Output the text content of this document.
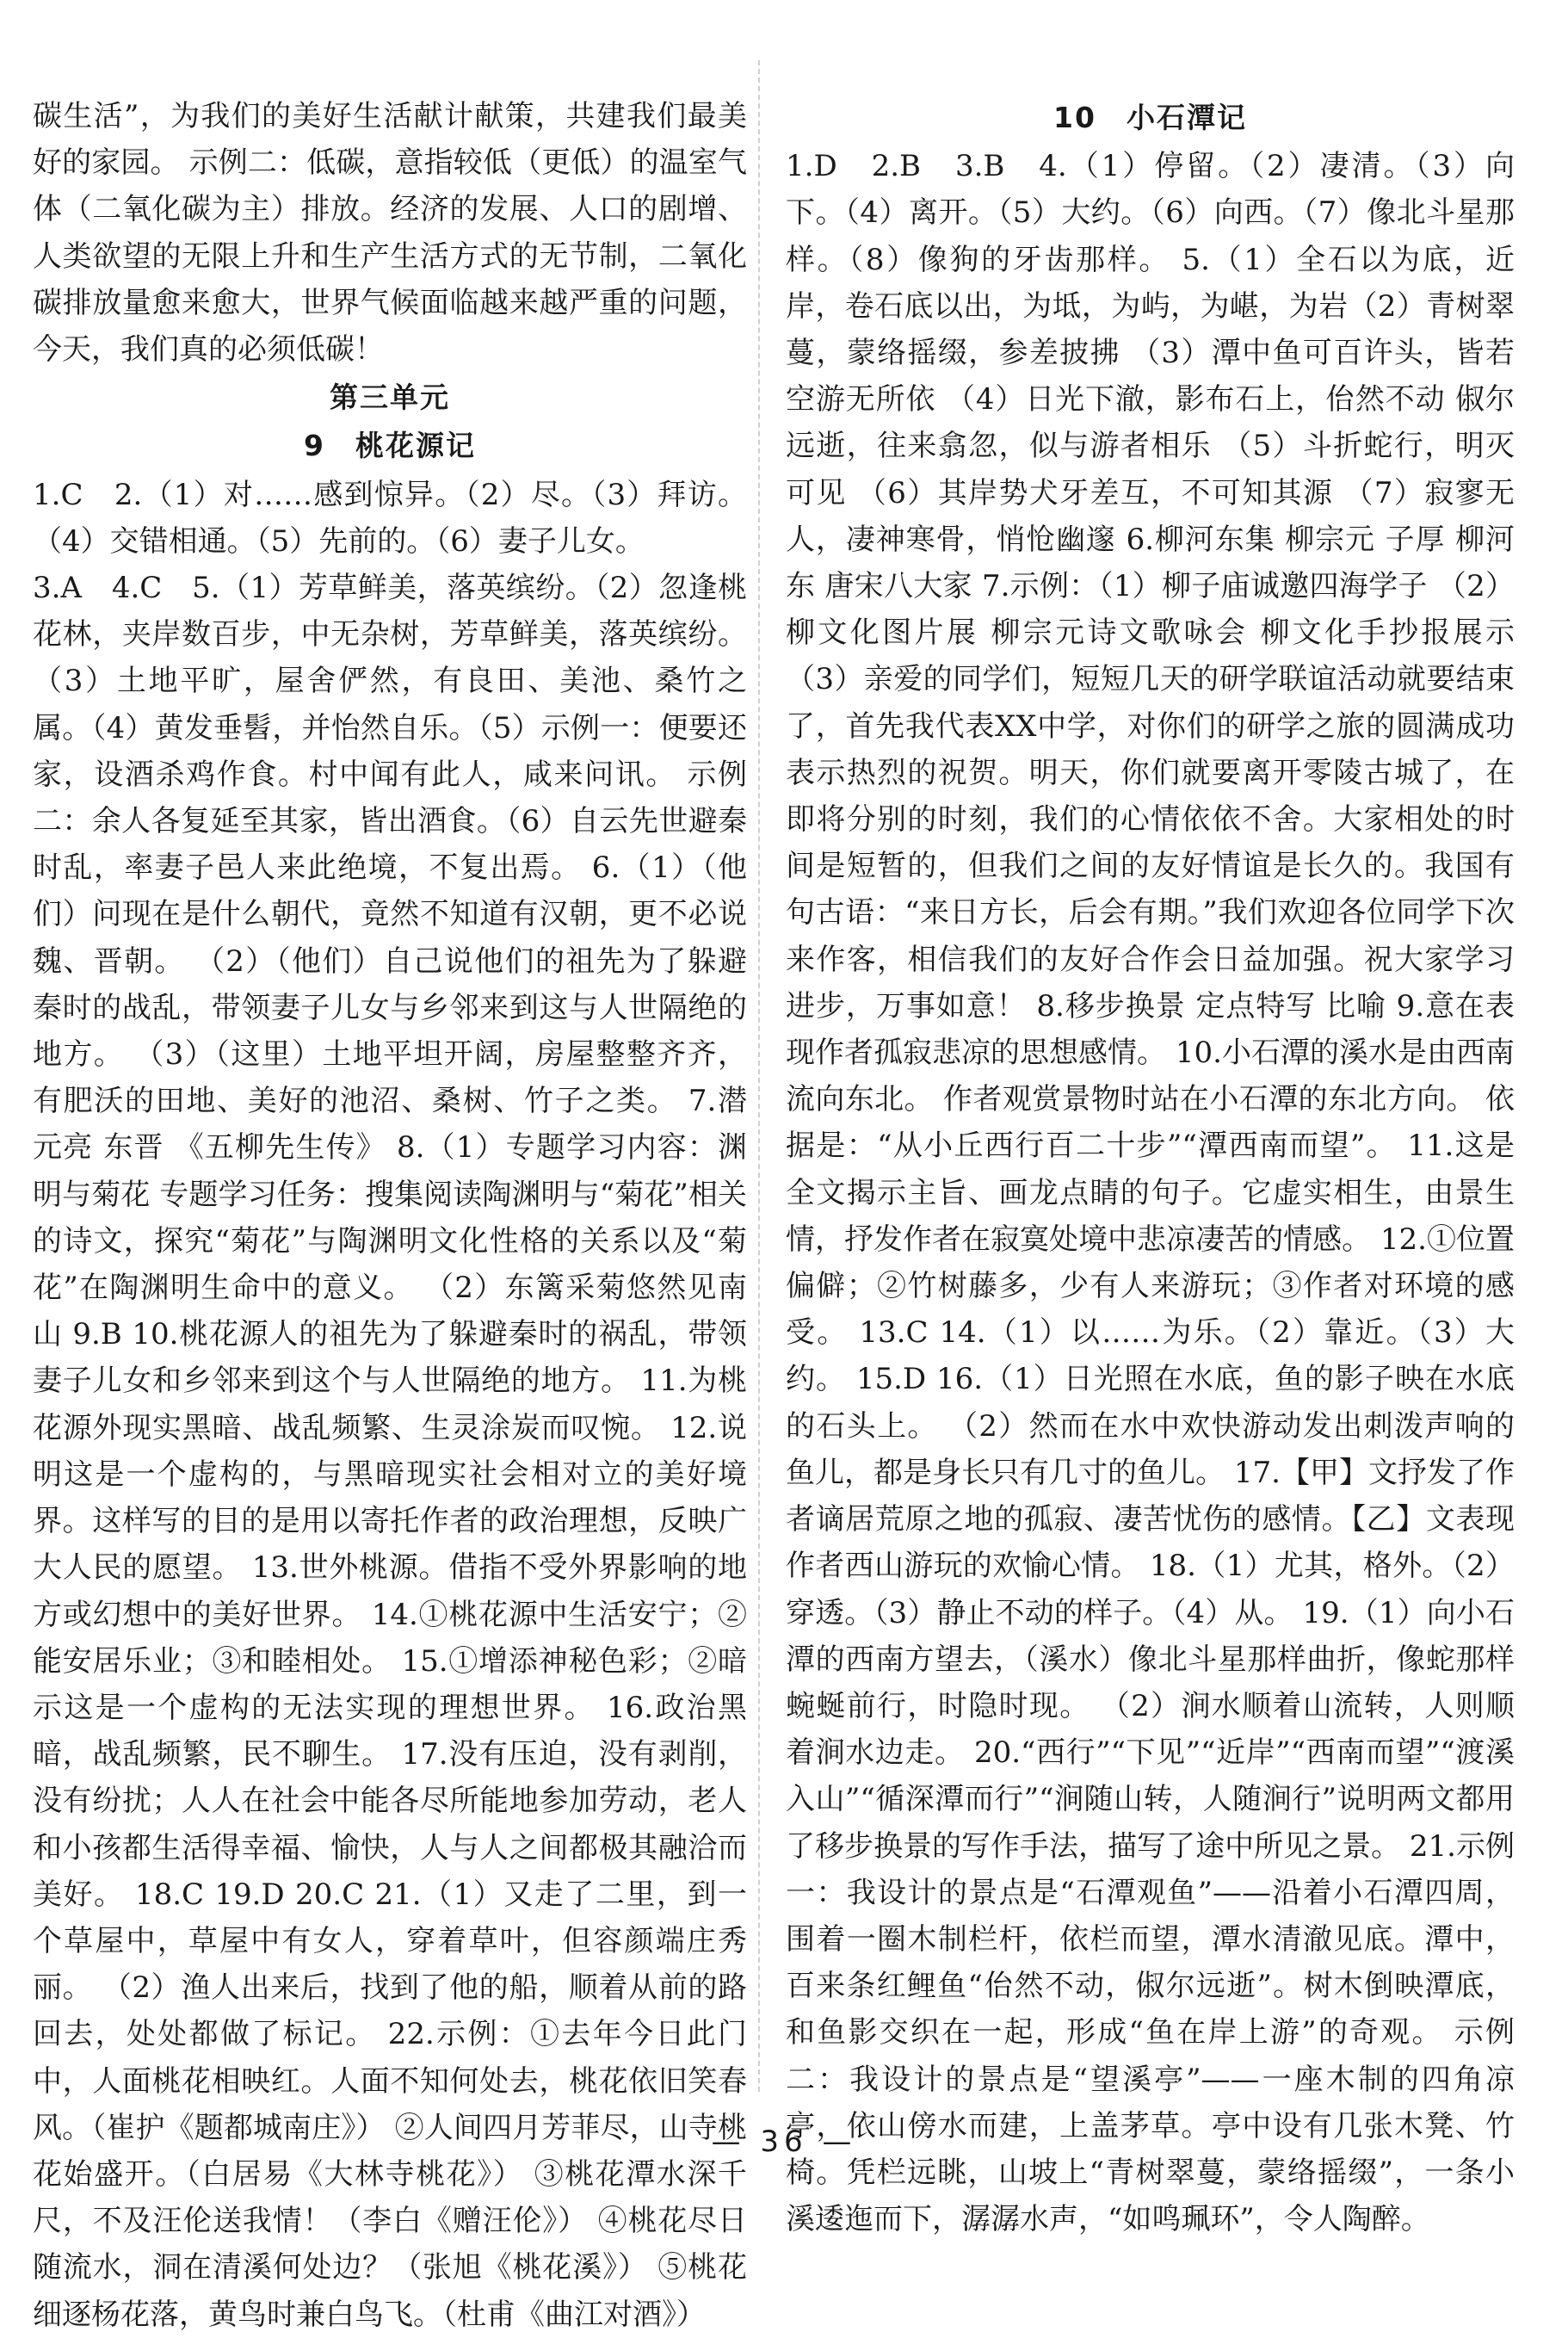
碳生活”，为我们的美好生活献计献策，共建我们最美好的家园。 示例二：低碳，意指较低（更低）的温室气体（二氧化碳为主）排放。经济的发展、人口的剧增、人类欲望的无限上升和生产生活方式的无节制，二氧化碳排放量愈来愈大，世界气候面临越来越严重的问题，今天，我们真的必须低碳！

第三单元
9　桃花源记

1.C　2.（1）对……感到惊异。（2）尽。（3）拜访。（4）交错相通。（5）先前的。（6）妻子儿女。

3.A　4.C　5.（1）芳草鲜美，落英缤纷。（2）忽逢桃花林，夹岸数百步，中无杂树，芳草鲜美，落英缤纷。（3）土地平旷，屋舍俨然，有良田、美池、桑竹之属。（4）黄发垂髫，并怡然自乐。（5）示例一：便要还家，设酒杀鸡作食。村中闻有此人，咸来问讯。 示例二：余人各复延至其家，皆出酒食。（6）自云先世避秦时乱，率妻子邑人来此绝境，不复出焉。 6.（1）（他们）问现在是什么朝代，竟然不知道有汉朝，更不必说魏、晋朝。 （2）（他们）自己说他们的祖先为了躲避秦时的战乱，带领妻子儿女与乡邻来到这与人世隔绝的地方。 （3）（这里）土地平坦开阔，房屋整整齐齐，有肥沃的田地、美好的池沼、桑树、竹子之类。 7.潜 元亮 东晋 《五柳先生传》 8.（1）专题学习内容：渊明与菊花 专题学习任务：搜集阅读陶渊明与“菊花”相关的诗文，探究“菊花”与陶渊明文化性格的关系以及“菊花”在陶渊明生命中的意义。 （2）东篱采菊悠然见南山 9.B 10.桃花源人的祖先为了躲避秦时的祸乱，带领妻子儿女和乡邻来到这个与人世隔绝的地方。 11.为桃花源外现实黑暗、战乱频繁、生灵涂炭而叹惋。 12.说明这是一个虚构的，与黑暗现实社会相对立的美好境界。这样写的目的是用以寄托作者的政治理想，反映广大人民的愿望。 13.世外桃源。借指不受外界影响的地方或幻想中的美好世界。 14.①桃花源中生活安宁；②能安居乐业；③和睦相处。 15.①增添神秘色彩；②暗示这是一个虚构的无法实现的理想世界。 16.政治黑暗，战乱频繁，民不聊生。 17.没有压迫，没有剥削，没有纷扰；人人在社会中能各尽所能地参加劳动，老人和小孩都生活得幸福、愉快，人与人之间都极其融洽而美好。 18.C 19.D 20.C 21.（1）又走了二里，到一个草屋中，草屋中有女人，穿着草叶，但容颜端庄秀丽。 （2）渔人出来后，找到了他的船，顺着从前的路回去，处处都做了标记。 22.示例：①去年今日此门中，人面桃花相映红。人面不知何处去，桃花依旧笑春风。（崔护《题都城南庄》） ②人间四月芳菲尽，山寺桃花始盛开。（白居易《大林寺桃花》） ③桃花潭水深千尺，不及汪伦送我情！（李白《赠汪伦》） ④桃花尽日随流水，洞在清溪何处边？（张旭《桃花溪》） ⑤桃花细逐杨花落，黄鸟时兼白鸟飞。（杜甫《曲江对酒》）

10　小石潭记

1.D　2.B　3.B　4.（1）停留。（2）凄清。（3）向下。（4）离开。（5）大约。（6）向西。（7）像北斗星那样。（8）像狗的牙齿那样。 5.（1）全石以为底，近岸，卷石底以出，为坻，为屿，为嵁，为岩（2）青树翠蔓，蒙络摇缀，参差披拂 （3）潭中鱼可百许头，皆若空游无所依 （4）日光下澈，影布石上，佁然不动 俶尔远逝，往来翕忽，似与游者相乐 （5）斗折蛇行，明灭可见 （6）其岸势犬牙差互，不可知其源 （7）寂寥无人，凄神寒骨，悄怆幽邃 6.柳河东集 柳宗元 子厚 柳河东 唐宋八大家 7.示例：（1）柳子庙诚邀四海学子 （2）柳文化图片展 柳宗元诗文歌咏会 柳文化手抄报展示 （3）亲爱的同学们，短短几天的研学联谊活动就要结束了，首先我代表XX中学，对你们的研学之旅的圆满成功表示热烈的祝贺。明天，你们就要离开零陵古城了，在即将分别的时刻，我们的心情依依不舍。大家相处的时间是短暂的，但我们之间的友好情谊是长久的。我国有句古语：“来日方长，后会有期。”我们欢迎各位同学下次来作客，相信我们的友好合作会日益加强。祝大家学习进步，万事如意！ 8.移步换景 定点特写 比喻 9.意在表现作者孤寂悲凉的思想感情。 10.小石潭的溪水是由西南流向东北。 作者观赏景物时站在小石潭的东北方向。 依据是：“从小丘西行百二十步”“潭西南而望”。 11.这是全文揭示主旨、画龙点睛的句子。它虚实相生，由景生情，抒发作者在寂寞处境中悲凉凄苦的情感。 12.①位置偏僻；②竹树藤多，少有人来游玩；③作者对环境的感受。 13.C 14.（1）以……为乐。（2）靠近。（3）大约。 15.D 16.（1）日光照在水底，鱼的影子映在水底的石头上。 （2）然而在水中欢快游动发出刺泼声响的鱼儿，都是身长只有几寸的鱼儿。 17.【甲】文抒发了作者谪居荒原之地的孤寂、凄苦忧伤的感情。【乙】文表现作者西山游玩的欢愉心情。 18.（1）尤其，格外。（2）穿透。（3）静止不动的样子。（4）从。 19.（1）向小石潭的西南方望去，（溪水）像北斗星那样曲折，像蛇那样蜿蜒前行，时隐时现。 （2）涧水顺着山流转，人则顺着涧水边走。 20.“西行”“下见”“近岸”“西南而望”“渡溪入山”“循深潭而行”“涧随山转，人随涧行”说明两文都用了移步换景的写作手法，描写了途中所见之景。 21.示例一：我设计的景点是“石潭观鱼”——沿着小石潭四周，围着一圈木制栏杆，依栏而望，潭水清澈见底。潭中，百来条红鲤鱼“佁然不动，俶尔远逝”。树木倒映潭底，和鱼影交织在一起，形成“鱼在岸上游”的奇观。 示例二：我设计的景点是“望溪亭”——一座木制的四角凉亭，依山傍水而建，上盖茅草。亭中设有几张木凳、竹椅。凭栏远眺，山坡上“青树翠蔓，蒙络摇缀”，一条小溪逶迤而下，潺潺水声，“如鸣珮环”，令人陶醉。

— 36 —
